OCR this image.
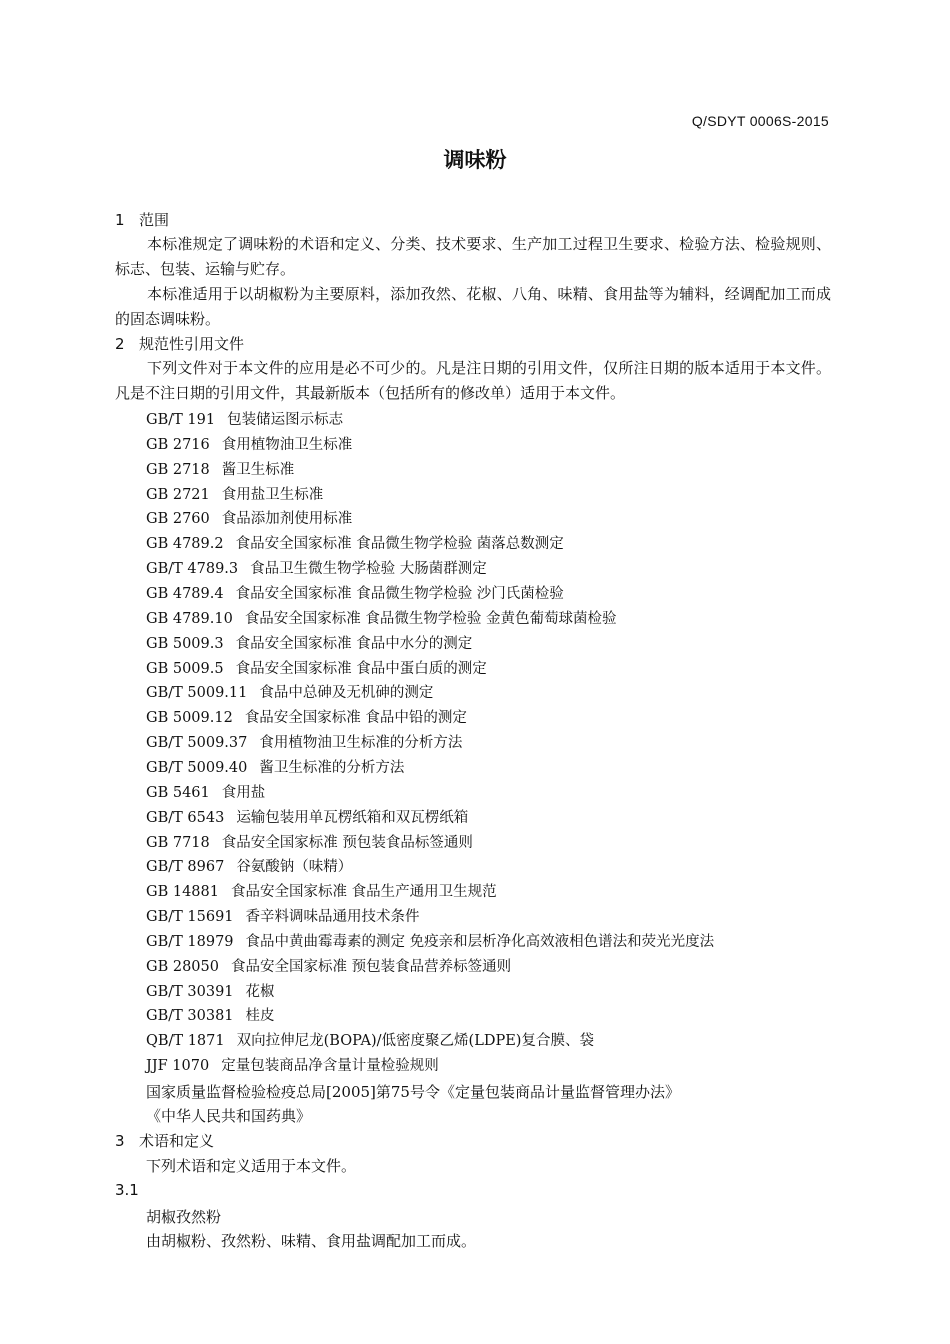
Q/SDYT 0006S-2015
调味粉
1 范围
本标准规定了调味粉的术语和定义、分类、技术要求、生产加工过程卫生要求、检验方法、检验规则、标志、包装、运输与贮存。
本标准适用于以胡椒粉为主要原料，添加孜然、花椒、八角、味精、食用盐等为辅料，经调配加工而成的固态调味粉。
2 规范性引用文件
下列文件对于本文件的应用是必不可少的。凡是注日期的引用文件，仅所注日期的版本适用于本文件。凡是不注日期的引用文件，其最新版本（包括所有的修改单）适用于本文件。
GB/T 191 包装储运图示标志
GB 2716 食用植物油卫生标准
GB 2718 酱卫生标准
GB 2721 食用盐卫生标准
GB 2760 食品添加剂使用标准
GB 4789.2 食品安全国家标准 食品微生物学检验 菌落总数测定
GB/T 4789.3 食品卫生微生物学检验 大肠菌群测定
GB 4789.4 食品安全国家标准 食品微生物学检验 沙门氏菌检验
GB 4789.10 食品安全国家标准 食品微生物学检验 金黄色葡萄球菌检验
GB 5009.3 食品安全国家标准 食品中水分的测定
GB 5009.5 食品安全国家标准 食品中蛋白质的测定
GB/T 5009.11 食品中总砷及无机砷的测定
GB 5009.12 食品安全国家标准 食品中铅的测定
GB/T 5009.37 食用植物油卫生标准的分析方法
GB/T 5009.40 酱卫生标准的分析方法
GB 5461 食用盐
GB/T 6543 运输包装用单瓦楞纸箱和双瓦楞纸箱
GB 7718 食品安全国家标准 预包装食品标签通则
GB/T 8967 谷氨酸钠（味精）
GB 14881 食品安全国家标准 食品生产通用卫生规范
GB/T 15691 香辛料调味品通用技术条件
GB/T 18979 食品中黄曲霉毒素的测定 免疫亲和层析净化高效液相色谱法和荧光光度法
GB 28050 食品安全国家标准 预包装食品营养标签通则
GB/T 30391 花椒
GB/T 30381 桂皮
QB/T 1871 双向拉伸尼龙(BOPA)/低密度聚乙烯(LDPE)复合膜、袋
JJF 1070 定量包装商品净含量计量检验规则
国家质量监督检验检疫总局[2005]第75号令《定量包装商品计量监督管理办法》
《中华人民共和国药典》
3 术语和定义
下列术语和定义适用于本文件。
3.1
胡椒孜然粉
由胡椒粉、孜然粉、味精、食用盐调配加工而成。
